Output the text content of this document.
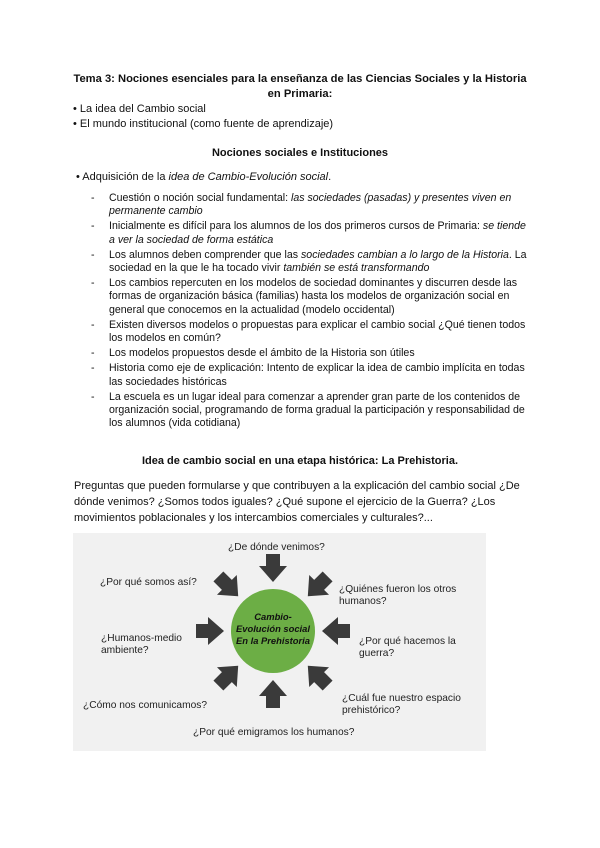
Tema 3: Nociones esenciales para la enseñanza de las Ciencias Sociales y la Historia
en Primaria:
• La idea del Cambio social
• El mundo institucional (como fuente de aprendizaje)
Nociones sociales e Instituciones
• Adquisición de la idea de Cambio-Evolución social.
- Cuestión o noción social fundamental: las sociedades (pasadas) y presentes viven en permanente cambio
- Inicialmente es difícil para los alumnos de los dos primeros cursos de Primaria: se tiende a ver la sociedad de forma estática
- Los alumnos deben comprender que las sociedades cambian a lo largo de la Historia. La sociedad en la que le ha tocado vivir también se está transformando
- Los cambios repercuten en los modelos de sociedad dominantes y discurren desde las formas de organización básica (familias) hasta los modelos de organización social en general que conocemos en la actualidad (modelo occidental)
- Existen diversos modelos o propuestas para explicar el cambio social ¿Qué tienen todos los modelos en común?
- Los modelos propuestos desde el ámbito de la Historia son útiles
- Historia como eje de explicación: Intento de explicar la idea de cambio implícita en todas las sociedades históricas
- La escuela es un lugar ideal para comenzar a aprender gran parte de los contenidos de organización social, programando de forma gradual la participación y responsabilidad de los alumnos (vida cotidiana)
Idea de cambio social en una etapa histórica: La Prehistoria.
Preguntas que pueden formularse y que contribuyen a la explicación del cambio social ¿De dónde venimos? ¿Somos todos iguales? ¿Qué supone el ejercicio de la Guerra? ¿Los movimientos poblacionales y los intercambios comerciales y culturales?...
Cambio-
Evolución social
En la Prehistoria
¿De dónde venimos?
¿Por qué somos así?
¿Quiénes fueron los otros
humanos?
¿Humanos-medio
ambiente?
¿Por qué hacemos la
guerra?
¿Cómo nos comunicamos?
¿Cuál fue nuestro espacio
prehistórico?
¿Por qué emigramos los humanos?
